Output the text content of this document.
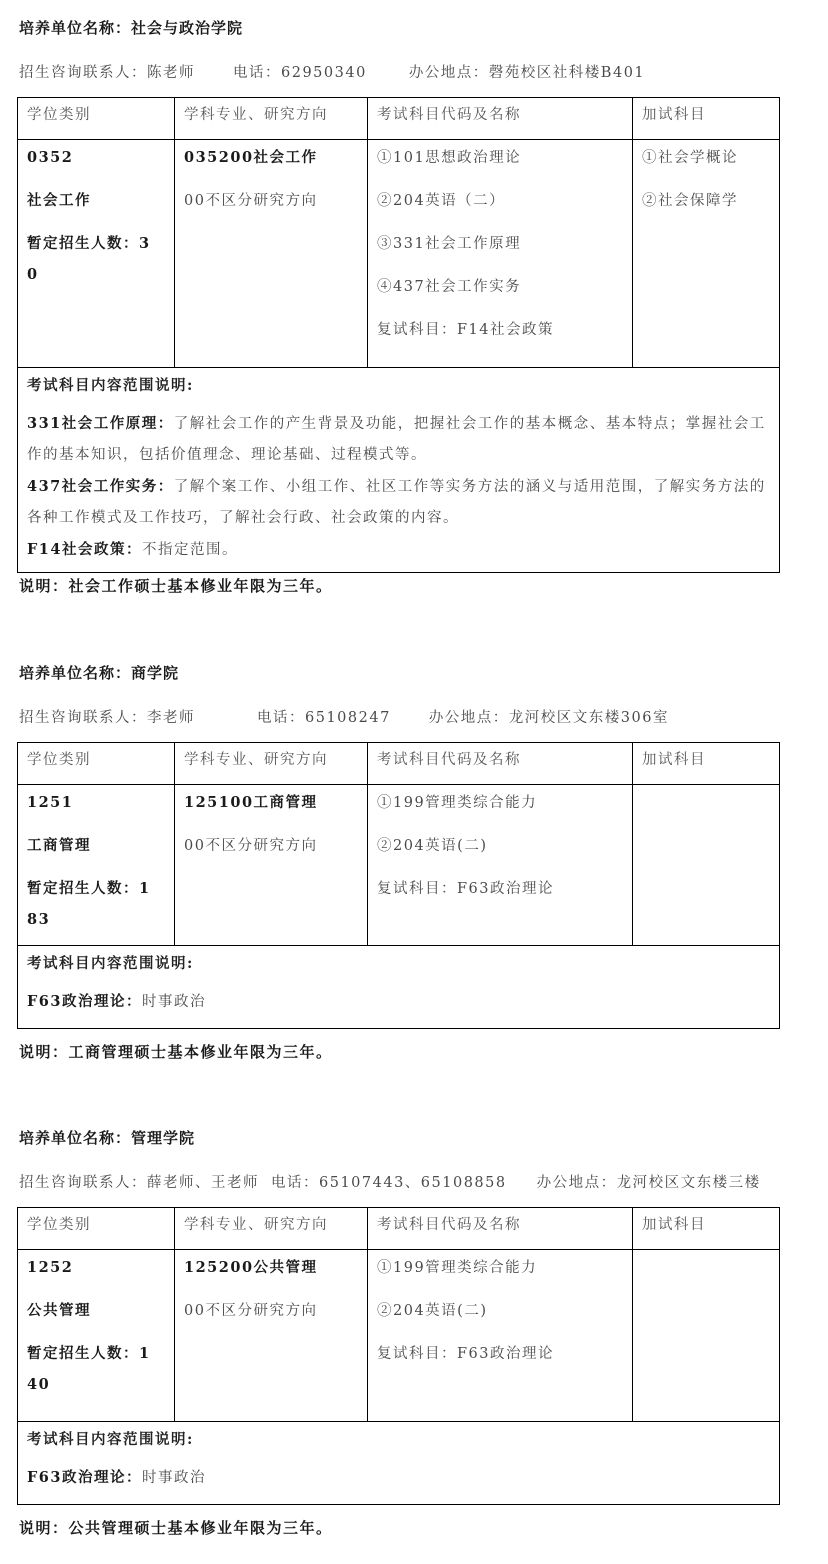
培养单位名称：社会与政治学院
招生咨询联系人：陈老师	电话：62950340	办公地点：磬苑校区社科楼B401
学位类别	学科专业、研究方向	考试科目代码及名称	加试科目

0352
社会工作
暂定招生人数：3
0

035200社会工作
00不区分研究方向

①101思想政治理论
②204英语（二）
③331社会工作原理
④437社会工作实务
复试科目：F14社会政策

①社会学概论
②社会保障学

考试科目内容范围说明:
331社会工作原理：了解社会工作的产生背景及功能，把握社会工作的基本概念、基本特点；掌握社会工作的基本知识，包括价值理念、理论基础、过程模式等。
437社会工作实务：了解个案工作、小组工作、社区工作等实务方法的涵义与适用范围，了解实务方法的各种工作模式及工作技巧，了解社会行政、社会政策的内容。
F14社会政策：不指定范围。			
说明：社会工作硕士基本修业年限为三年。
培养单位名称：商学院
招生咨询联系人：李老师	电话：65108247	办公地点：龙河校区文东楼306室
学位类别	学科专业、研究方向	考试科目代码及名称	加试科目

1251
工商管理
暂定招生人数：1
83

125100工商管理
00不区分研究方向

①199管理类综合能力
②204英语(二)
复试科目：F63政治理论

考试科目内容范围说明:
F63政治理论：时事政治			
说明：工商管理硕士基本修业年限为三年。
培养单位名称：管理学院
招生咨询联系人：薛老师、王老师 电话：65107443、65108858 办公地点：龙河校区文东楼三楼
学位类别	学科专业、研究方向	考试科目代码及名称	加试科目

1252
公共管理
暂定招生人数：1
40

125200公共管理
00不区分研究方向

①199管理类综合能力
②204英语(二)
复试科目：F63政治理论

考试科目内容范围说明:
F63政治理论：时事政治			
说明：公共管理硕士基本修业年限为三年。
